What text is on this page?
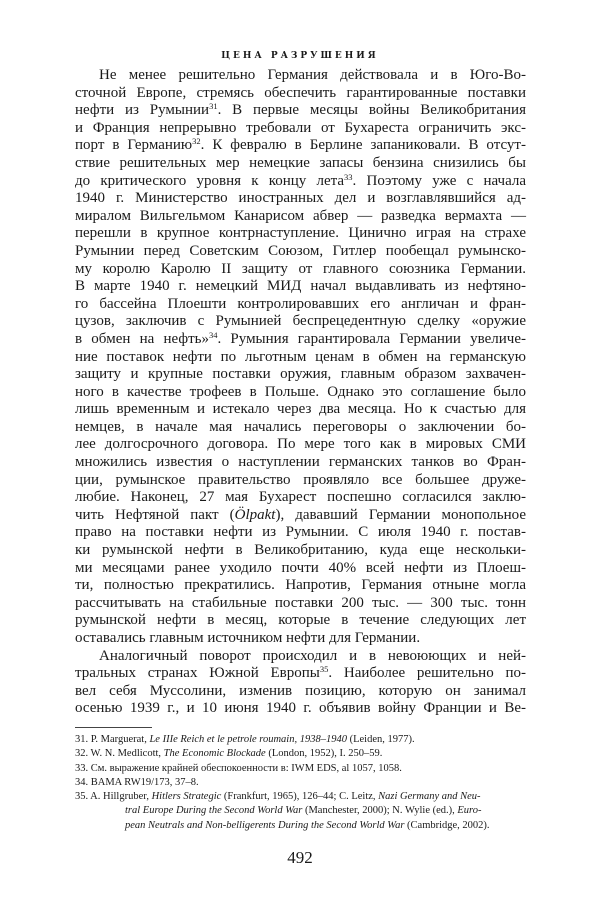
ЦЕНА РАЗРУШЕНИЯ
Не менее решительно Германия действовала и в Юго-Во-
сточной Европе, стремясь обеспечить гарантированные поставки
нефти из Румынии$^{31}$. В первые месяцы войны Великобритания
и Франция непрерывно требовали от Бухареста ограничить экс-
порт в Германию$^{32}$. К февралю в Берлине запаниковали. В отсут-
ствие решительных мер немецкие запасы бензина снизились бы
до критического уровня к концу лета$^{33}$. Поэтому уже с начала
1940 г. Министерство иностранных дел и возглавлявшийся ад-
миралом Вильгельмом Канарисом абвер — разведка вермахта —
перешли в крупное контрнаступление. Цинично играя на страхе
Румынии перед Советским Союзом, Гитлер пообещал румынско-
му королю Каролю II защиту от главного союзника Германии.
В марте 1940 г. немецкий МИД начал выдавливать из нефтяно-
го бассейна Плоешти контролировавших его англичан и фран-
цузов, заключив с Румынией беспрецедентную сделку «оружие
в обмен на нефть»$^{34}$. Румыния гарантировала Германии увеличе-
ние поставок нефти по льготным ценам в обмен на германскую
защиту и крупные поставки оружия, главным образом захвачен-
ного в качестве трофеев в Польше. Однако это соглашение было
лишь временным и истекало через два месяца. Но к счастью для
немцев, в начале мая начались переговоры о заключении бо-
лее долгосрочного договора. По мере того как в мировых СМИ
множились известия о наступлении германских танков во Фран-
ции, румынское правительство проявляло все большее друже-
любие. Наконец, 27 мая Бухарест поспешно согласился заклю-
чить Нефтяной пакт (Ölpakt), дававший Германии монопольное
право на поставки нефти из Румынии. С июля 1940 г. постав-
ки румынской нефти в Великобританию, куда еще нескольки-
ми месяцами ранее уходило почти 40% всей нефти из Плоеш-
ти, полностью прекратились. Напротив, Германия отныне могла
рассчитывать на стабильные поставки 200 тыс. — 300 тыс. тонн
румынской нефти в месяц, которые в течение следующих лет
оставались главным источником нефти для Германии.
Аналогичный поворот происходил и в невоюющих и ней-
тральных странах Южной Европы$^{35}$. Наиболее решительно по-
вел себя Муссолини, изменив позицию, которую он занимал
осенью 1939 г., и 10 июня 1940 г. объявив войну Франции и Ве-
31. P. Marguerat, Le IIIe Reich et le petrole roumain, 1938–1940 (Leiden, 1977).
32. W. N. Medlicott, The Economic Blockade (London, 1952), I. 250–59.
33. См. выражение крайней обеспокоенности в: IWM EDS, al 1057, 1058.
34. BAMA RW19/173, 37–8.
35. A. Hillgruber, Hitlers Strategic (Frankfurt, 1965), 126–44; C. Leitz, Nazi Germany and Neu-
tral Europe During the Second World War (Manchester, 2000); N. Wylie (ed.), Euro-
pean Neutrals and Non-belligerents During the Second World War (Cambridge, 2002).
492
